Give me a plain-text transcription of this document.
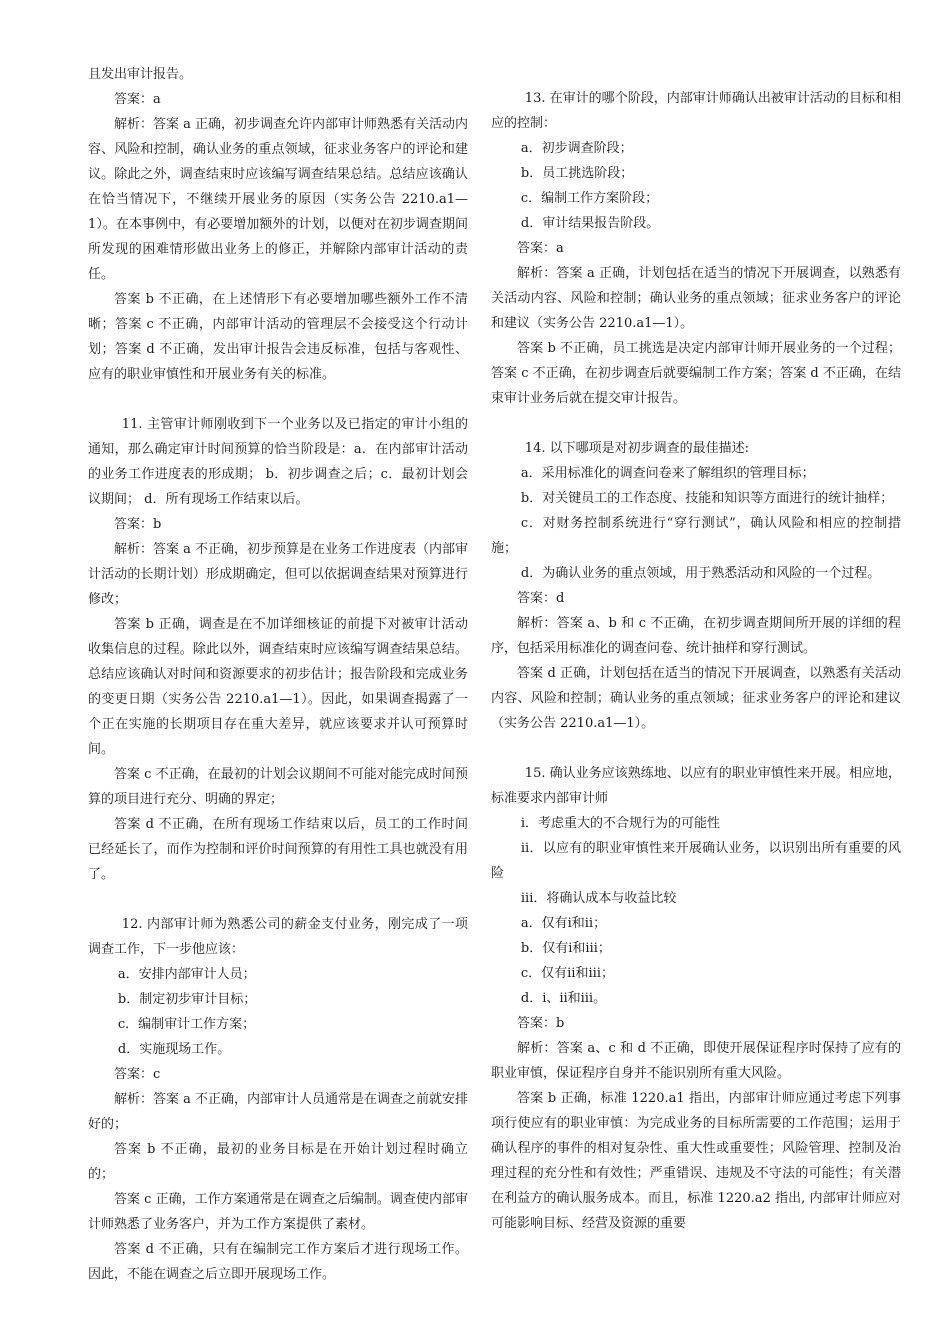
且发出审计报告。

答案：a

解析：答案 a 正确，初步调查允许内部审计师熟悉有关活动内容、风险和控制，确认业务的重点领域，征求业务客户的评论和建议。除此之外，调查结束时应该编写调查结果总结。总结应该确认在恰当情况下，不继续开展业务的原因（实务公告 2210.a1—1）。在本事例中，有必要增加额外的计划，以便对在初步调查期间所发现的困难情形做出业务上的修正，并解除内部审计活动的责任。

答案 b 不正确，在上述情形下有必要增加哪些额外工作不清晰；答案 c 不正确，内部审计活动的管理层不会接受这个行动计划；答案 d 不正确，发出审计报告会违反标准，包括与客观性、应有的职业审慎性和开展业务有关的标准。

11. 主管审计师刚收到下一个业务以及已指定的审计小组的通知，那么确定审计时间预算的恰当阶段是：a．在内部审计活动的业务工作进度表的形成期； b．初步调查之后；c．最初计划会议期间； d．所有现场工作结束以后。

答案：b

解析：答案 a 不正确，初步预算是在业务工作进度表（内部审计活动的长期计划）形成期确定，但可以依据调查结果对预算进行修改；

答案 b 正确，调查是在不加详细核证的前提下对被审计活动收集信息的过程。除此以外，调查结束时应该编写调查结果总结。总结应该确认对时间和资源要求的初步估计；报告阶段和完成业务的变更日期（实务公告 2210.a1—1）。因此，如果调查揭露了一个正在实施的长期项目存在重大差异，就应该要求并认可预算时间。

答案 c 不正确，在最初的计划会议期间不可能对能完成时间预算的项目进行充分、明确的界定；

答案 d 不正确，在所有现场工作结束以后，员工的工作时间已经延长了，而作为控制和评价时间预算的有用性工具也就没有用了。

12. 内部审计师为熟悉公司的薪金支付业务，刚完成了一项调查工作，下一步他应该：

a．安排内部审计人员；

b．制定初步审计目标；

c．编制审计工作方案；

d．实施现场工作。

答案：c

解析：答案 a 不正确，内部审计人员通常是在调查之前就安排好的；

答案 b 不正确，最初的业务目标是在开始计划过程时确立的；

答案 c 正确，工作方案通常是在调查之后编制。调查使内部审计师熟悉了业务客户，并为工作方案提供了素材。

答案 d 不正确，只有在编制完工作方案后才进行现场工作。因此，不能在调查之后立即开展现场工作。

13. 在审计的哪个阶段，内部审计师确认出被审计活动的目标和相应的控制：

a．初步调查阶段；

b．员工挑选阶段；

c．编制工作方案阶段；

d．审计结果报告阶段。

答案：a

解析：答案 a 正确，计划包括在适当的情况下开展调查，以熟悉有关活动内容、风险和控制；确认业务的重点领域；征求业务客户的评论和建议（实务公告 2210.a1—1）。

答案 b 不正确，员工挑选是决定内部审计师开展业务的一个过程；答案 c 不正确，在初步调查后就要编制工作方案；答案 d 不正确，在结束审计业务后就在提交审计报告。

14. 以下哪项是对初步调查的最佳描述:

a．采用标准化的调查问卷来了解组织的管理目标；

b．对关键员工的工作态度、技能和知识等方面进行的统计抽样；

c．对财务控制系统进行“穿行测试”，确认风险和相应的控制措施；

d．为确认业务的重点领域，用于熟悉活动和风险的一个过程。

答案：d

解析：答案 a、b 和 c 不正确，在初步调查期间所开展的详细的程序，包括采用标准化的调查问卷、统计抽样和穿行测试。

答案 d 正确，计划包括在适当的情况下开展调查，以熟悉有关活动内容、风险和控制；确认业务的重点领域；征求业务客户的评论和建议（实务公告 2210.a1—1）。

15. 确认业务应该熟练地、以应有的职业审慎性来开展。相应地，标准要求内部审计师

ⅰ．考虑重大的不合规行为的可能性

ⅱ．以应有的职业审慎性来开展确认业务，以识别出所有重要的风险

ⅲ．将确认成本与收益比较

a．仅有ⅰ和ⅱ；

b．仅有ⅰ和ⅲ；

c．仅有ⅱ和ⅲ；

d．ⅰ、ⅱ和ⅲ。

答案：b

解析：答案 a、c 和 d 不正确，即使开展保证程序时保持了应有的职业审慎，保证程序自身并不能识别所有重大风险。

答案 b 正确，标准 1220.a1 指出，内部审计师应通过考虑下列事项行使应有的职业审慎：为完成业务的目标所需要的工作范围；运用于确认程序的事件的相对复杂性、重大性或重要性；风险管理、控制及治理过程的充分性和有效性；严重错误、违规及不守法的可能性；有关潜在利益方的确认服务成本。而且，标准 1220.a2 指出, 内部审计师应对可能影响目标、经营及资源的重要
